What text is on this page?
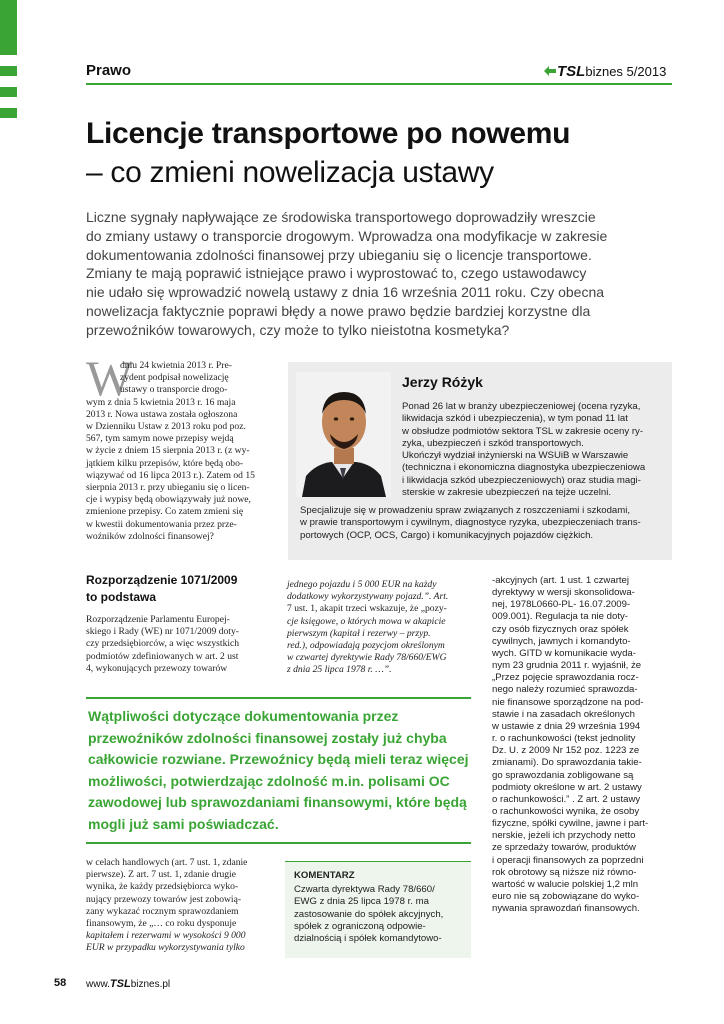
Prawo	TSLbiznes 5/2013
Licencje transportowe po nowemu
– co zmieni nowelizacja ustawy
Liczne sygnały napływające ze środowiska transportowego doprowadziły wreszcie
do zmiany ustawy o transporcie drogowym. Wprowadza ona modyfikacje w zakresie
dokumentowania zdolności finansowej przy ubieganiu się o licencje transportowe.
Zmiany te mają poprawić istniejące prawo i wyprostować to, czego ustawodawcy
nie udało się wprowadzić nowelą ustawy z dnia 16 września 2011 roku. Czy obecna
nowelizacja faktycznie poprawi błędy a nowe prawo będzie bardziej korzystne dla
przewoźników towarowych, czy może to tylko nieistotna kosmetyka?
W
dniu 24 kwietnia 2013 r. Pre-
zydent podpisał nowelizację
ustawy o transporcie drogo-
wym z dnia 5 kwietnia 2013 r. 16 maja
2013 r. Nowa ustawa została ogłoszona
w Dzienniku Ustaw z 2013 roku pod poz.
567, tym samym nowe przepisy wejdą
w życie z dniem 15 sierpnia 2013 r. (z wy-
jątkiem kilku przepisów, które będą obo-
wiązywać od 16 lipca 2013 r.). Zatem od 15
sierpnia 2013 r. przy ubieganiu się o licen-
cje i wypisy będą obowiązywały już nowe,
zmienione przepisy. Co zatem zmieni się
w kwestii dokumentowania przez prze-
woźników zdolności finansowej?
Jerzy Różyk
Ponad 26 lat w branży ubezpieczeniowej (ocena ryzyka,
likwidacja szkód i ubezpieczenia), w tym ponad 11 lat
w obsłudze podmiotów sektora TSL w zakresie oceny ry-
zyka, ubezpieczeń i szkód transportowych.
Ukończył wydział inżynierski na WSUiB w Warszawie
(techniczna i ekonomiczna diagnostyka ubezpieczeniowa
i likwidacja szkód ubezpieczeniowych) oraz studia magi-
sterskie w zakresie ubezpieczeń na tejże uczelni.
Specjalizuje się w prowadzeniu spraw związanych z roszczeniami i szkodami,
w prawie transportowym i cywilnym, diagnostyce ryzyka, ubezpieczeniach trans-
portowych (OCP, OCS, Cargo) i komunikacyjnych pojazdów ciężkich.
Rozporządzenie 1071/2009
to podstawa
Rozporządzenie Parlamentu Europej-
skiego i Rady (WE) nr 1071/2009 doty-
czy przedsiębiorców, a więc wszystkich
podmiotów zdefiniowanych w art. 2 ust
4, wykonujących przewozy towarów
jednego pojazdu i 5 000 EUR na każdy
dodatkowy wykorzystywany pojazd.”. Art.
7 ust. 1, akapit trzeci wskazuje, że „pozy-
cje księgowe, o których mowa w akapicie
pierwszym (kapitał i rezerwy – przyp.
red.), odpowiadają pozycjom określonym
w czwartej dyrektywie Rady 78/660/EWG
z dnia 25 lipca 1978 r. …”.
Wątpliwości dotyczące dokumentowania przez
przewoźników zdolności finansowej zostały już chyba
całkowicie rozwiane. Przewoźnicy będą mieli teraz więcej
możliwości, potwierdzając zdolność m.in. polisami OC
zawodowej lub sprawozdaniami finansowymi, które będą
mogli już sami poświadczać.
w celach handlowych (art. 7 ust. 1, zdanie
pierwsze). Z art. 7 ust. 1, zdanie drugie
wynika, że każdy przedsiębiorca wyko-
nujący przewozy towarów jest zobowią-
zany wykazać rocznym sprawozdaniem
finansowym, że „… co roku dysponuje
kapitałem i rezerwami w wysokości 9 000
EUR w przypadku wykorzystywania tylko
KOMENTARZ
Czwarta dyrektywa Rady 78/660/
EWG z dnia 25 lipca 1978 r. ma
zastosowanie do spółek akcyjnych,
spółek z ograniczoną odpowie-
dzialnością i spółek komandytowo-
-akcyjnych (art. 1 ust. 1 czwartej
dyrektywy w wersji skonsolidowa-
nej, 1978L0660-PL- 16.07.2009-
009.001). Regulacja ta nie doty-
czy osób fizycznych oraz spółek
cywilnych, jawnych i komandyto-
wych. GITD w komunikacie wyda-
nym 23 grudnia 2011 r. wyjaśnił, że
„Przez pojęcie sprawozdania rocz-
nego należy rozumieć sprawozda-
nie finansowe sporządzone na pod-
stawie i na zasadach określonych
w ustawie z dnia 29 września 1994
r. o rachunkowości (tekst jednolity
Dz. U. z 2009 Nr 152 poz. 1223 ze
zmianami). Do sprawozdania takie-
go sprawozdania zobligowane są
podmioty określone w art. 2 ustawy
o rachunkowości.” . Z art. 2 ustawy
o rachunkowości wynika, że osoby
fizyczne, spółki cywilne, jawne i part-
nerskie, jeżeli ich przychody netto
ze sprzedaży towarów, produktów
i operacji finansowych za poprzedni
rok obrotowy są niższe niż równo-
wartość w walucie polskiej 1,2 mln
euro nie są zobowiązane do wyko-
nywania sprawozdań finansowych.
58 www.TSLbiznes.pl
